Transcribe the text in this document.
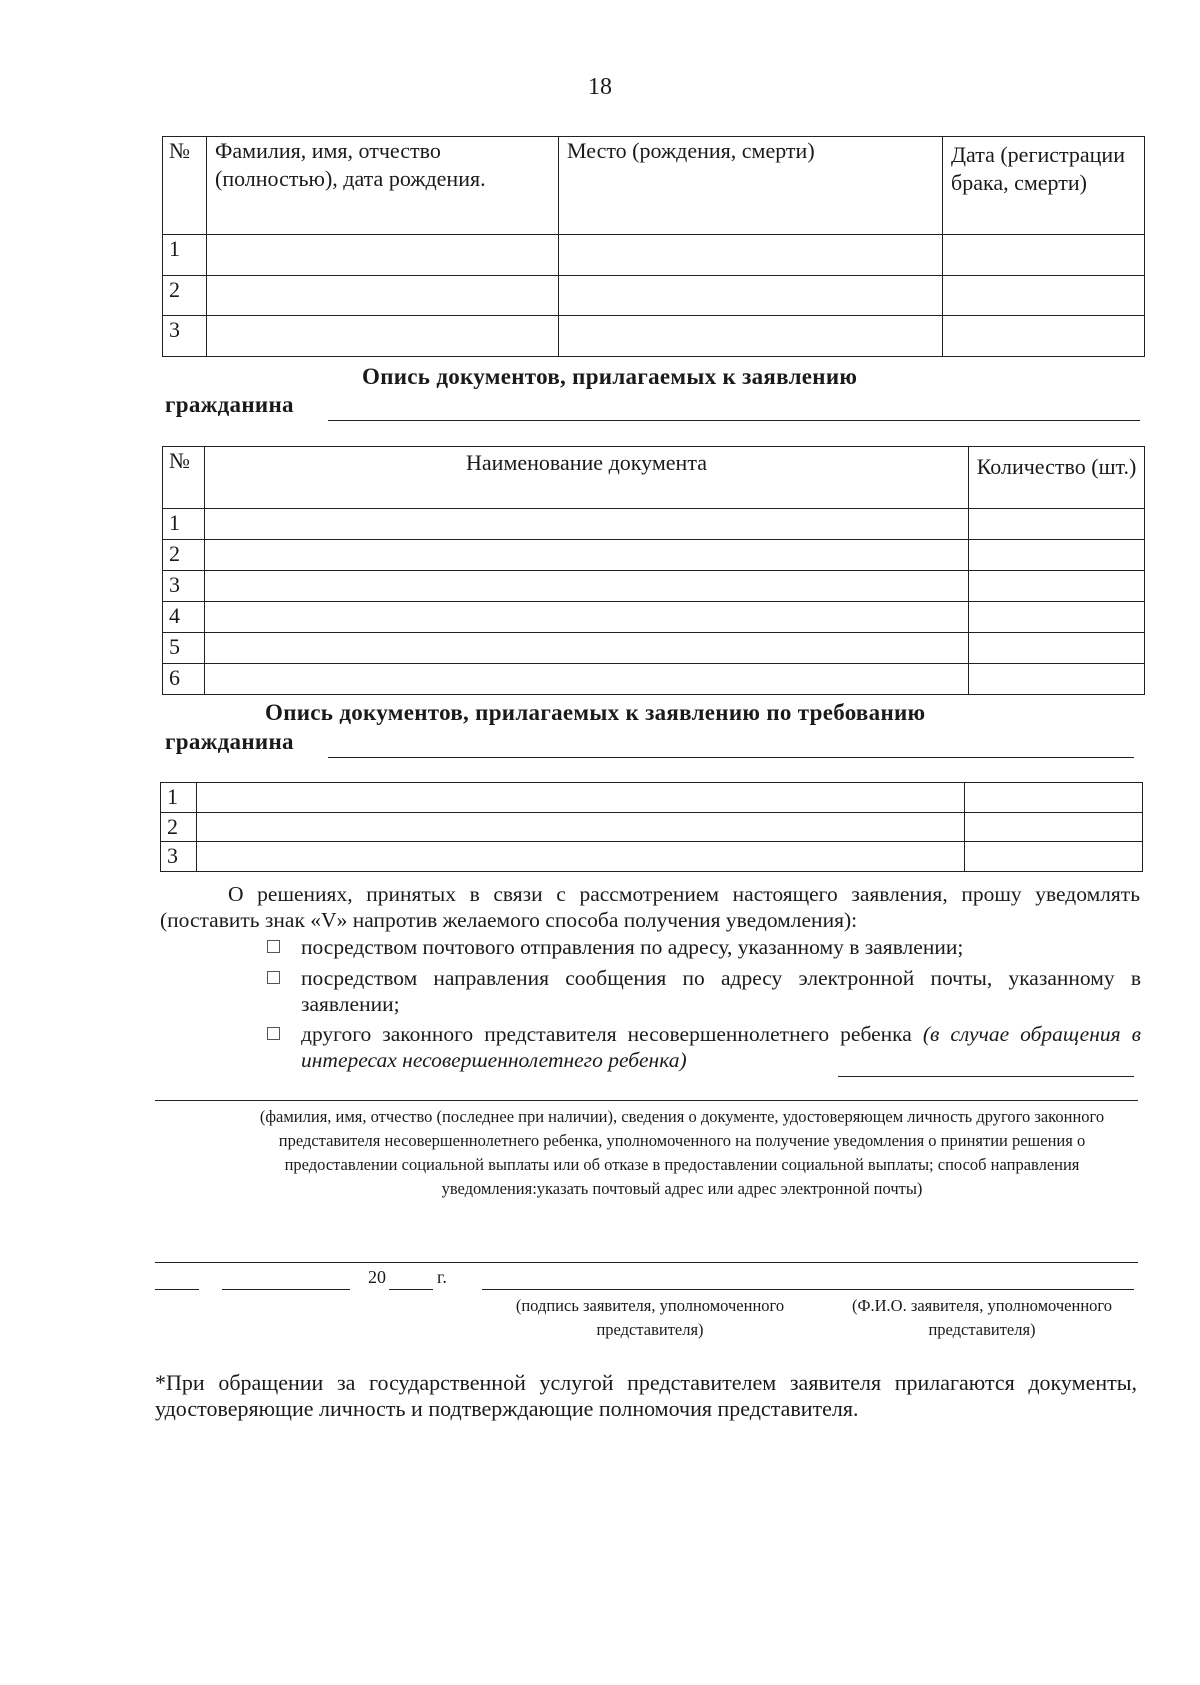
18
№	Фамилия, имя, отчество (полностью), дата рождения.	Место (рождения, смерти)	Дата (регистрации брака, смерти)
1			
2			
3			
Опись документов, прилагаемых к заявлению
гражданина
№	Наименование документа	Количество (шт.)
1		
2		
3		
4		
5		
6		
Опись документов, прилагаемых к заявлению по требованию
гражданина
1		
2		
3		
О решениях, принятых в связи с рассмотрением настоящего заявления, прошу уведомлять (поставить знак «V» напротив желаемого способа получения уведомления):
посредством почтового отправления по адресу, указанному в заявлении;
посредством направления сообщения по адресу электронной почты, указанному в заявлении;
другого законного представителя несовершеннолетнего ребенка (в случае обращения в интересах несовершеннолетнего ребенка)
(фамилия, имя, отчество (последнее при наличии), сведения о документе, удостоверяющем личность другого законного представителя несовершеннолетнего ребенка, уполномоченного на получение уведомления о принятии решения о предоставлении социальной выплаты или об отказе в предоставлении социальной выплаты; способ направления уведомления:указать почтовый адрес или адрес электронной почты)
20	г.
(подпись заявителя, уполномоченного представителя)
(Ф.И.О. заявителя, уполномоченного представителя)
*При обращении за государственной услугой представителем заявителя прилагаются документы, удостоверяющие личность и подтверждающие полномочия представителя.
